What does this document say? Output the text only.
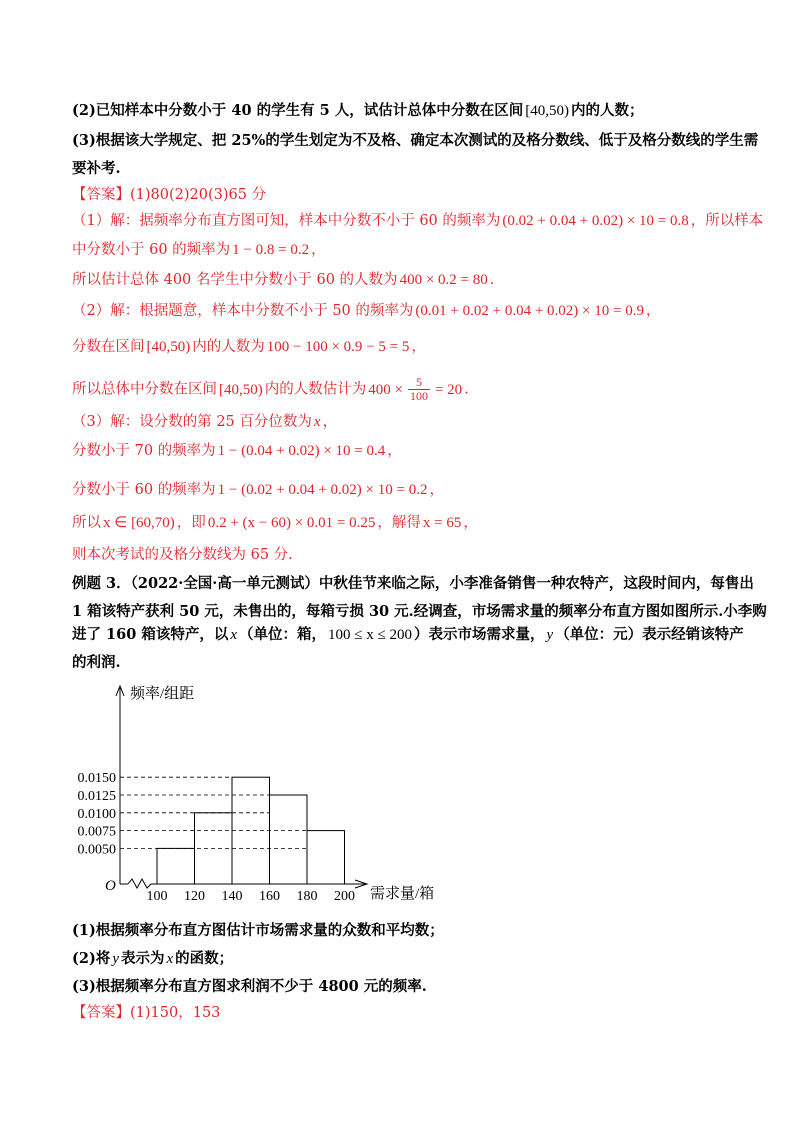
(2)已知样本中分数小于 40 的学生有 5 人，试估计总体中分数在区间 [40,50) 内的人数；
(3)根据该大学规定、把 25%的学生划定为不及格、确定本次测试的及格分数线、低于及格分数线的学生需
要补考.
【答案】(1)80(2)20(3)65 分
（1）解：据频率分布直方图可知，样本中分数不小于 60 的频率为 (0.02 + 0.04 + 0.02) × 10 = 0.8 ，所以样本
中分数小于 60 的频率为 1 − 0.8 = 0.2 ，
所以估计总体 400 名学生中分数小于 60 的人数为 400 × 0.2 = 80 .
（2）解：根据题意，样本中分数不小于 50 的频率为 (0.01 + 0.02 + 0.04 + 0.02) × 10 = 0.9 ，
分数在区间 [40,50) 内的人数为 100 − 100 × 0.9 − 5 = 5 ，
所以总体中分数在区间 [40,50) 内的人数估计为 $400 \times \frac{5}{100} = 20$ .
（3）解：设分数的第 25 百分位数为 x ，
分数小于 70 的频率为 1 − (0.04 + 0.02) × 10 = 0.4 ，
分数小于 60 的频率为 1 − (0.02 + 0.04 + 0.02) × 10 = 0.2 ，
所以 x ∈ [60,70) ，即 0.2 + (x − 60) × 0.01 = 0.25 ，解得 x = 65 ，
则本次考试的及格分数线为 65 分.
例题 3．（2022·全国·高一单元测试）中秋佳节来临之际，小李准备销售一种农特产，这段时间内，每售出
1 箱该特产获利 50 元，未售出的，每箱亏损 30 元.经调查，市场需求量的频率分布直方图如图所示.小李购
进了 160 箱该特产，以 x （单位：箱， 100 ≤ x ≤ 200 ）表示市场需求量， y （单位：元）表示经销该特产
的利润.
(1)根据频率分布直方图估计市场需求量的众数和平均数；
(2)将 y 表示为 x 的函数；
(3)根据频率分布直方图求利润不少于 4800 元的频率.
【答案】(1)150，153
频率/组距
需求量/箱
O
0.0050
0.0075
0.0100
0.0125
0.0150
100 120 140 160 180 200
